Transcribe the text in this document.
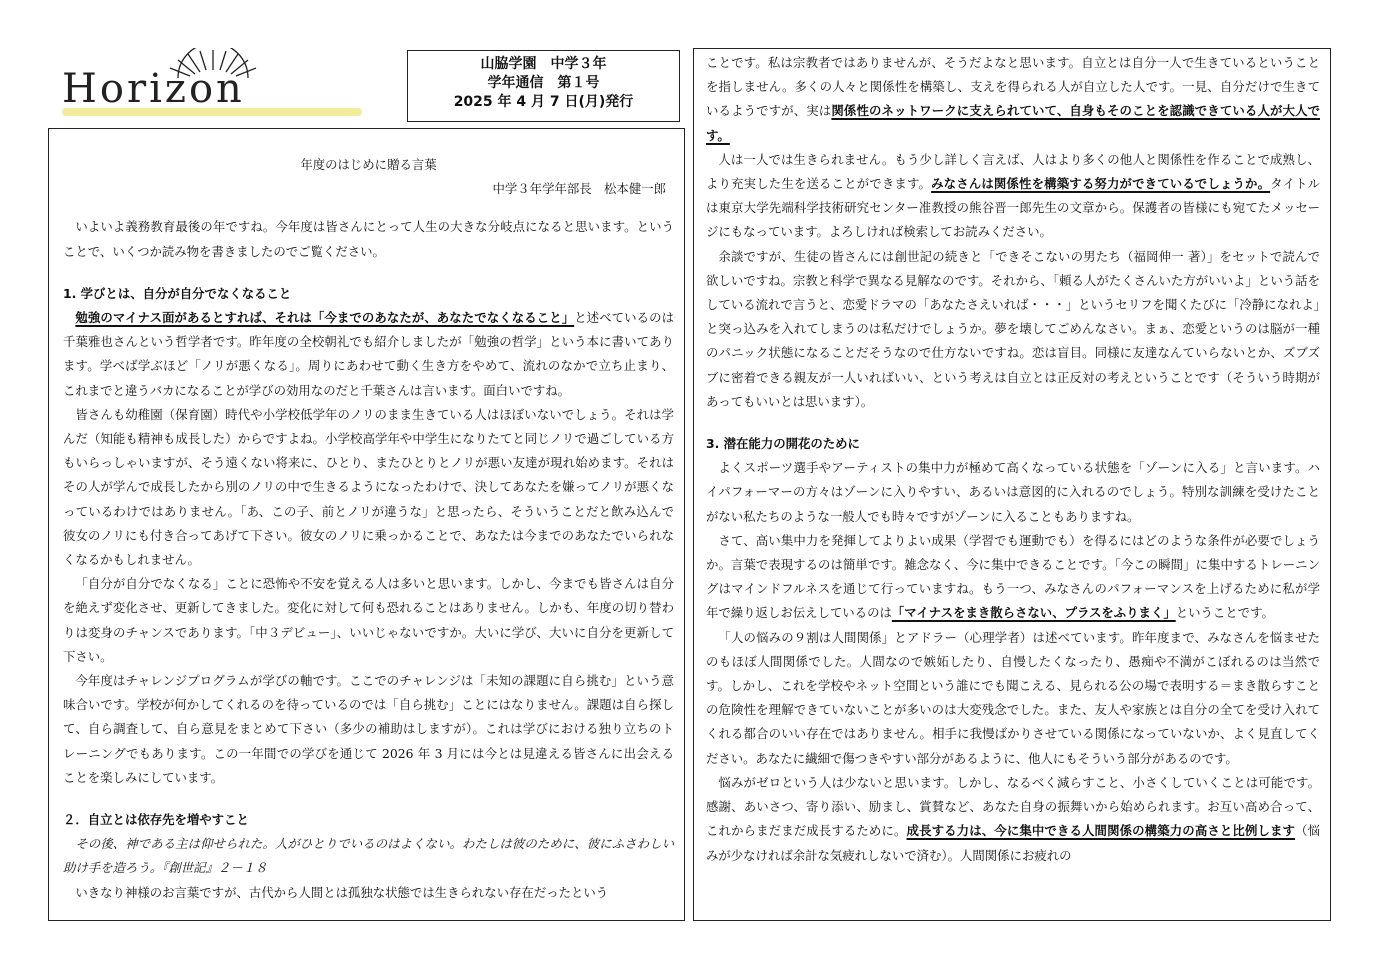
Horizon
山脇学園　中学３年
学年通信　第１号
2025 年 4 月 7 日(月)発行

年度のはじめに贈る言葉

中学３年学年部長　松本健一郎

いよいよ義務教育最後の年ですね。今年度は皆さんにとって人生の大きな分岐点になると思います。ということで、いくつか読み物を書きましたのでご覧ください。

1. 学びとは、自分が自分でなくなること

勉強のマイナス面があるとすれば、それは「今までのあなたが、あなたでなくなること」と述べているのは千葉雅也さんという哲学者です。昨年度の全校朝礼でも紹介しましたが「勉強の哲学」という本に書いてあります。学べば学ぶほど「ノリが悪くなる」。周りにあわせて動く生き方をやめて、流れのなかで立ち止まり、これまでと違うバカになることが学びの効用なのだと千葉さんは言います。面白いですね。

皆さんも幼稚園（保育園）時代や小学校低学年のノリのまま生きている人はほぼいないでしょう。それは学んだ（知能も精神も成長した）からですよね。小学校高学年や中学生になりたてと同じノリで過ごしている方もいらっしゃいますが、そう遠くない将来に、ひとり、またひとりとノリが悪い友達が現れ始めます。それはその人が学んで成長したから別のノリの中で生きるようになったわけで、決してあなたを嫌ってノリが悪くなっているわけではありません。「あ、この子、前とノリが違うな」と思ったら、そういうことだと飲み込んで彼女のノリにも付き合ってあげて下さい。彼女のノリに乗っかることで、あなたは今までのあなたでいられなくなるかもしれません。

「自分が自分でなくなる」ことに恐怖や不安を覚える人は多いと思います。しかし、今までも皆さんは自分を絶えず変化させ、更新してきました。変化に対して何も恐れることはありません。しかも、年度の切り替わりは変身のチャンスであります。「中３デビュー」、いいじゃないですか。大いに学び、大いに自分を更新して下さい。

今年度はチャレンジプログラムが学びの軸です。ここでのチャレンジは「未知の課題に自ら挑む」という意味合いです。学校が何かしてくれるのを待っているのでは「自ら挑む」ことにはなりません。課題は自ら探して、自ら調査して、自ら意見をまとめて下さい（多少の補助はしますが）。これは学びにおける独り立ちのトレーニングでもあります。この一年間での学びを通じて 2026 年 3 月には今とは見違える皆さんに出会えることを楽しみにしています。

２．自立とは依存先を増やすこと

その後、神である主は仰せられた。人がひとりでいるのはよくない。わたしは彼のために、彼にふさわしい助け手を造ろう。『創世記』２－１８

いきなり神様のお言葉ですが、古代から人間とは孤独な状態では生きられない存在だったという

ことです。私は宗教者ではありませんが、そうだよなと思います。自立とは自分一人で生きているということを指しません。多くの人々と関係性を構築し、支えを得られる人が自立した人です。一見、自分だけで生きているようですが、実は関係性のネットワークに支えられていて、自身もそのことを認識できている人が大人です。

人は一人では生きられません。もう少し詳しく言えば、人はより多くの他人と関係性を作ることで成熟し、より充実した生を送ることができます。みなさんは関係性を構築する努力ができているでしょうか。タイトルは東京大学先端科学技術研究センター准教授の熊谷晋一郎先生の文章から。保護者の皆様にも宛てたメッセージにもなっています。よろしければ検索してお読みください。

余談ですが、生徒の皆さんには創世記の続きと「できそこないの男たち（福岡伸一 著）」をセットで読んで欲しいですね。宗教と科学で異なる見解なのです。それから、「頼る人がたくさんいた方がいいよ」という話をしている流れで言うと、恋愛ドラマの「あなたさえいれば・・・」というセリフを聞くたびに「冷静になれよ」と突っ込みを入れてしまうのは私だけでしょうか。夢を壊してごめんなさい。まぁ、恋愛というのは脳が一種のパニック状態になることだそうなので仕方ないですね。恋は盲目。同様に友達なんていらないとか、ズブズブに密着できる親友が一人いればいい、という考えは自立とは正反対の考えということです（そういう時期があってもいいとは思います）。

3. 潜在能力の開花のために

よくスポーツ選手やアーティストの集中力が極めて高くなっている状態を「ゾーンに入る」と言います。ハイパフォーマーの方々はゾーンに入りやすい、あるいは意図的に入れるのでしょう。特別な訓練を受けたことがない私たちのような一般人でも時々ですがゾーンに入ることもありますね。

さて、高い集中力を発揮してよりよい成果（学習でも運動でも）を得るにはどのような条件が必要でしょうか。言葉で表現するのは簡単です。雑念なく、今に集中できることです。「今この瞬間」に集中するトレーニングはマインドフルネスを通じて行っていますね。もう一つ、みなさんのパフォーマンスを上げるために私が学年で繰り返しお伝えしているのは「マイナスをまき散らさない、プラスをふりまく」ということです。

「人の悩みの９割は人間関係」とアドラー（心理学者）は述べています。昨年度まで、みなさんを悩ませたのもほぼ人間関係でした。人間なので嫉妬したり、自慢したくなったり、愚痴や不満がこぼれるのは当然です。しかし、これを学校やネット空間という誰にでも聞こえる、見られる公の場で表明する＝まき散らすことの危険性を理解できていないことが多いのは大変残念でした。また、友人や家族とは自分の全てを受け入れてくれる都合のいい存在ではありません。相手に我慢ばかりさせている関係になっていないか、よく見直してください。あなたに繊細で傷つきやすい部分があるように、他人にもそういう部分があるのです。

悩みがゼロという人は少ないと思います。しかし、なるべく減らすこと、小さくしていくことは可能です。感謝、あいさつ、寄り添い、励まし、賞賛など、あなた自身の振舞いから始められます。お互い高め合って、これからまだまだ成長するために。成長する力は、今に集中できる人間関係の構築力の高さと比例します（悩みが少なければ余計な気疲れしないで済む）。人間関係にお疲れの
